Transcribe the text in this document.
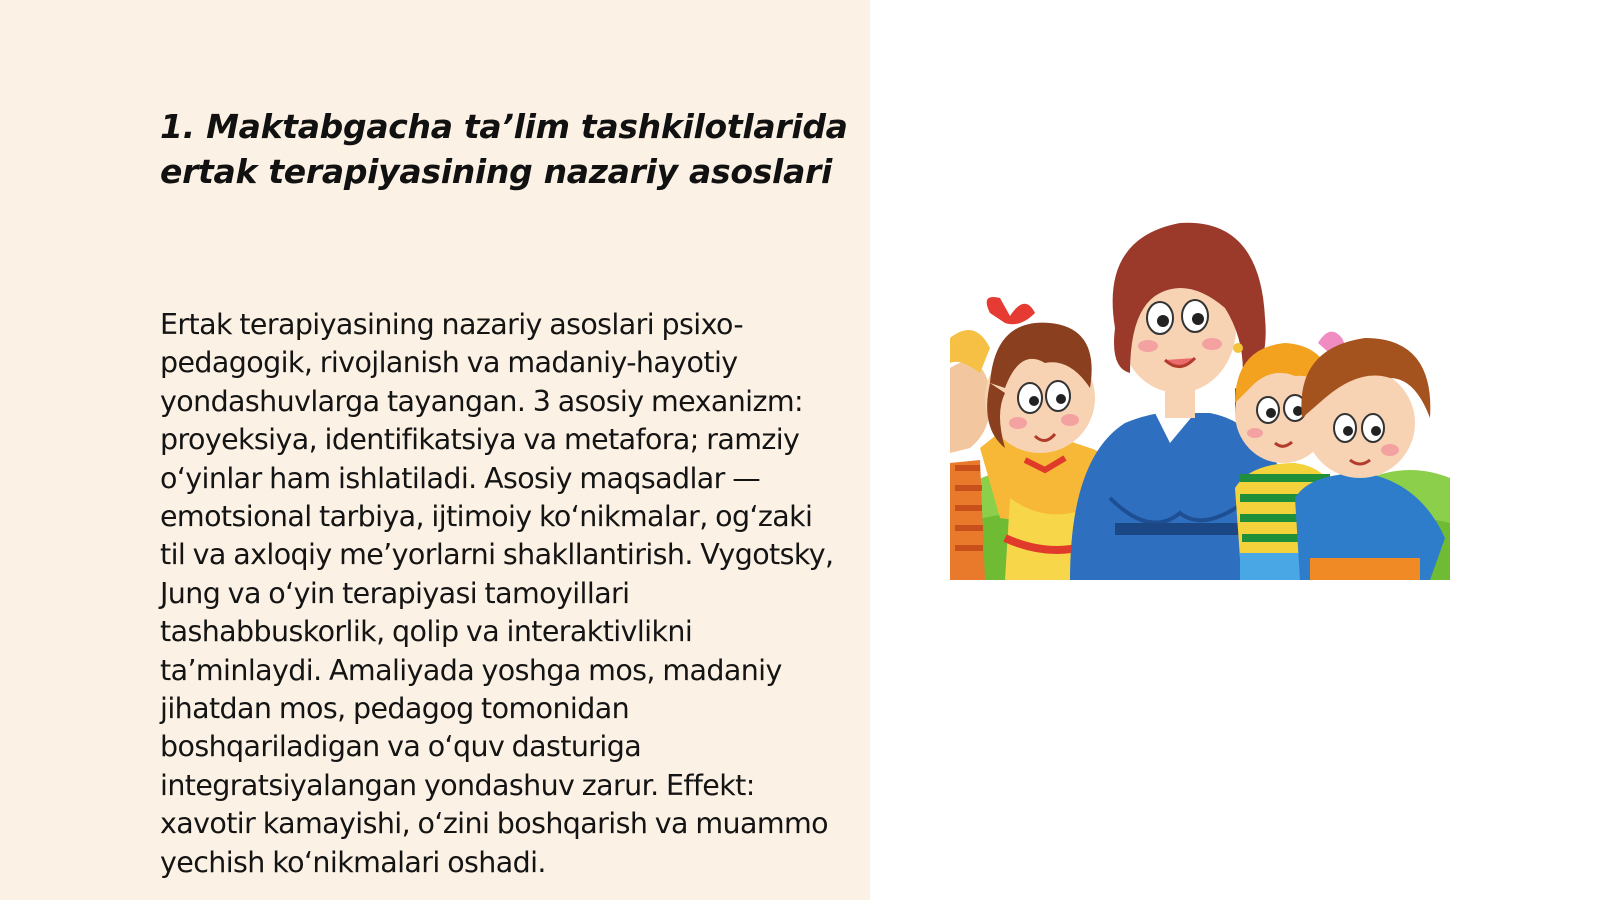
1. Maktabgacha ta’lim tashkilotlarida ertak terapiyasining nazariy asoslari

Ertak terapiyasining nazariy asoslari psixo-pedagogik, rivojlanish va madaniy-hayotiy yondashuvlarga tayangan. 3 asosiy mexanizm: proyeksiya, identifikatsiya va metafora; ramziy o‘yinlar ham ishlatiladi. Asosiy maqsadlar — emotsional tarbiya, ijtimoiy ko‘nikmalar, og‘zaki til va axloqiy me’yorlarni shakllantirish. Vygotsky, Jung va o‘yin terapiyasi tamoyillari tashabbuskorlik, qolip va interaktivlikni ta’minlaydi. Amaliyada yoshga mos, madaniy jihatdan mos, pedagog tomonidan boshqariladigan va o‘quv dasturiga integratsiyalangan yondashuv zarur. Effekt: xavotir kamayishi, o‘zini boshqarish va muammo yechish ko‘nikmalari oshadi.
